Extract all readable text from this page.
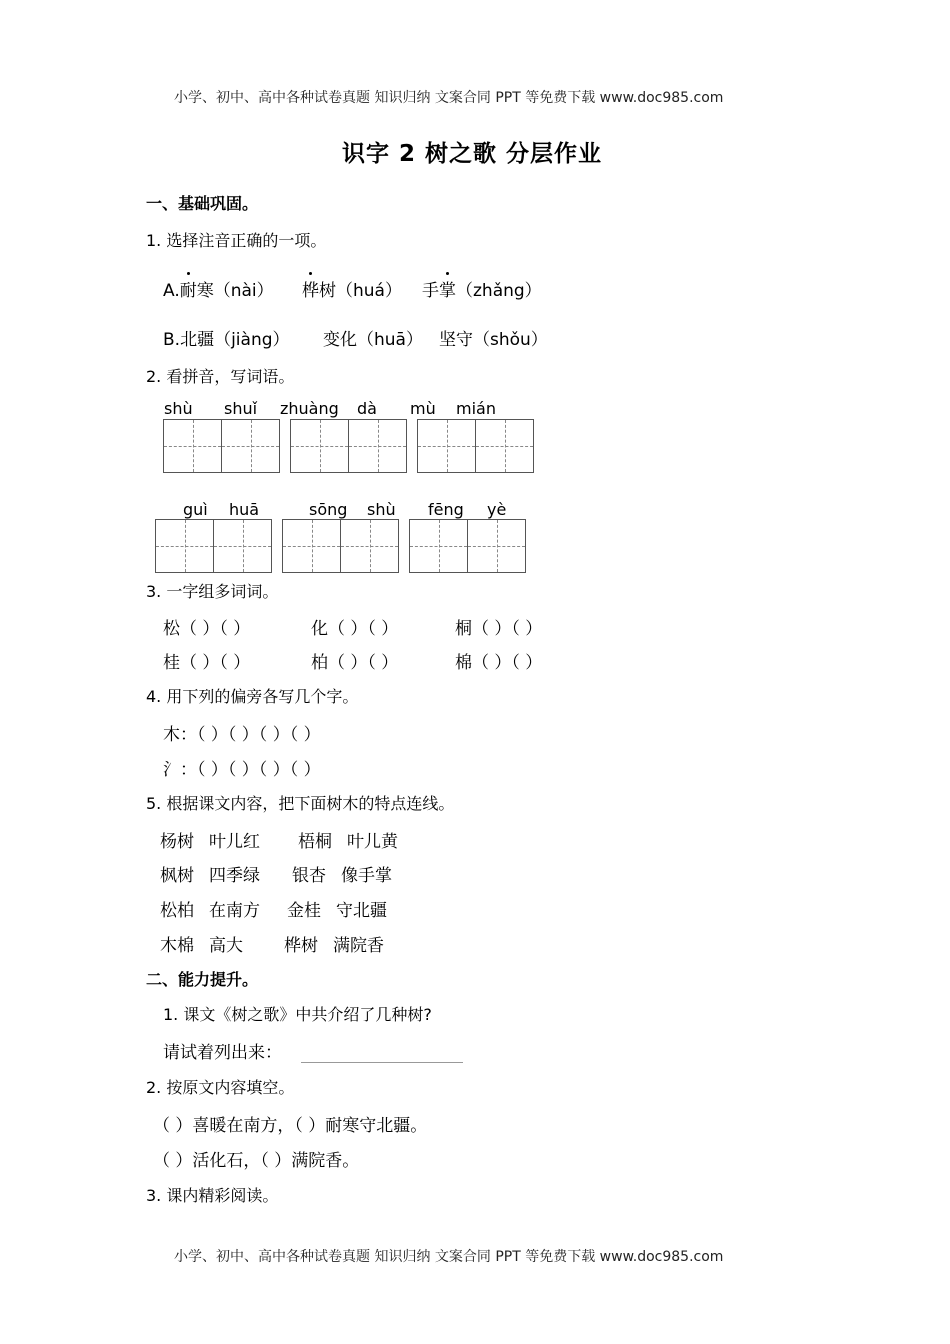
小学、初中、高中各种试卷真题 知识归纳 文案合同 PPT 等免费下载 www.doc985.com
识字 2 树之歌 分层作业
一、基础巩固。
1. 选择注音正确的一项。
A.耐寒（nài） 桦树（huá） 手掌（zhǎng）
B.北疆（jiàng） 变化（huā） 坚守（shǒu）
2. 看拼音，写词语。
shù shuǐ zhuàng dà mù mián
guì huā	sōng shù fēng yè
3. 一字组多词词。
松（ ）（ ）	化（ ）（ ）	桐（ ）（ ）
桂（ ）（ ）	柏（ ）（ ）	棉（ ）（ ）
4. 用下列的偏旁各写几个字。
木：（ ）（ ）（ ）（ ）
氵：（ ）（ ）（ ）（ ）
5. 根据课文内容，把下面树木的特点连线。
杨树 叶儿红 梧桐 叶儿黄
枫树 四季绿 银杏 像手掌
松柏 在南方 金桂 守北疆
木棉 高大 桦树 满院香
二、能力提升。
1. 课文《树之歌》中共介绍了几种树?
请试着列出来：
2. 按原文内容填空。
（ ）喜暖在南方，（ ）耐寒守北疆。
（ ）活化石，（ ）满院香。
3. 课内精彩阅读。
小学、初中、高中各种试卷真题 知识归纳 文案合同 PPT 等免费下载 www.doc985.com
